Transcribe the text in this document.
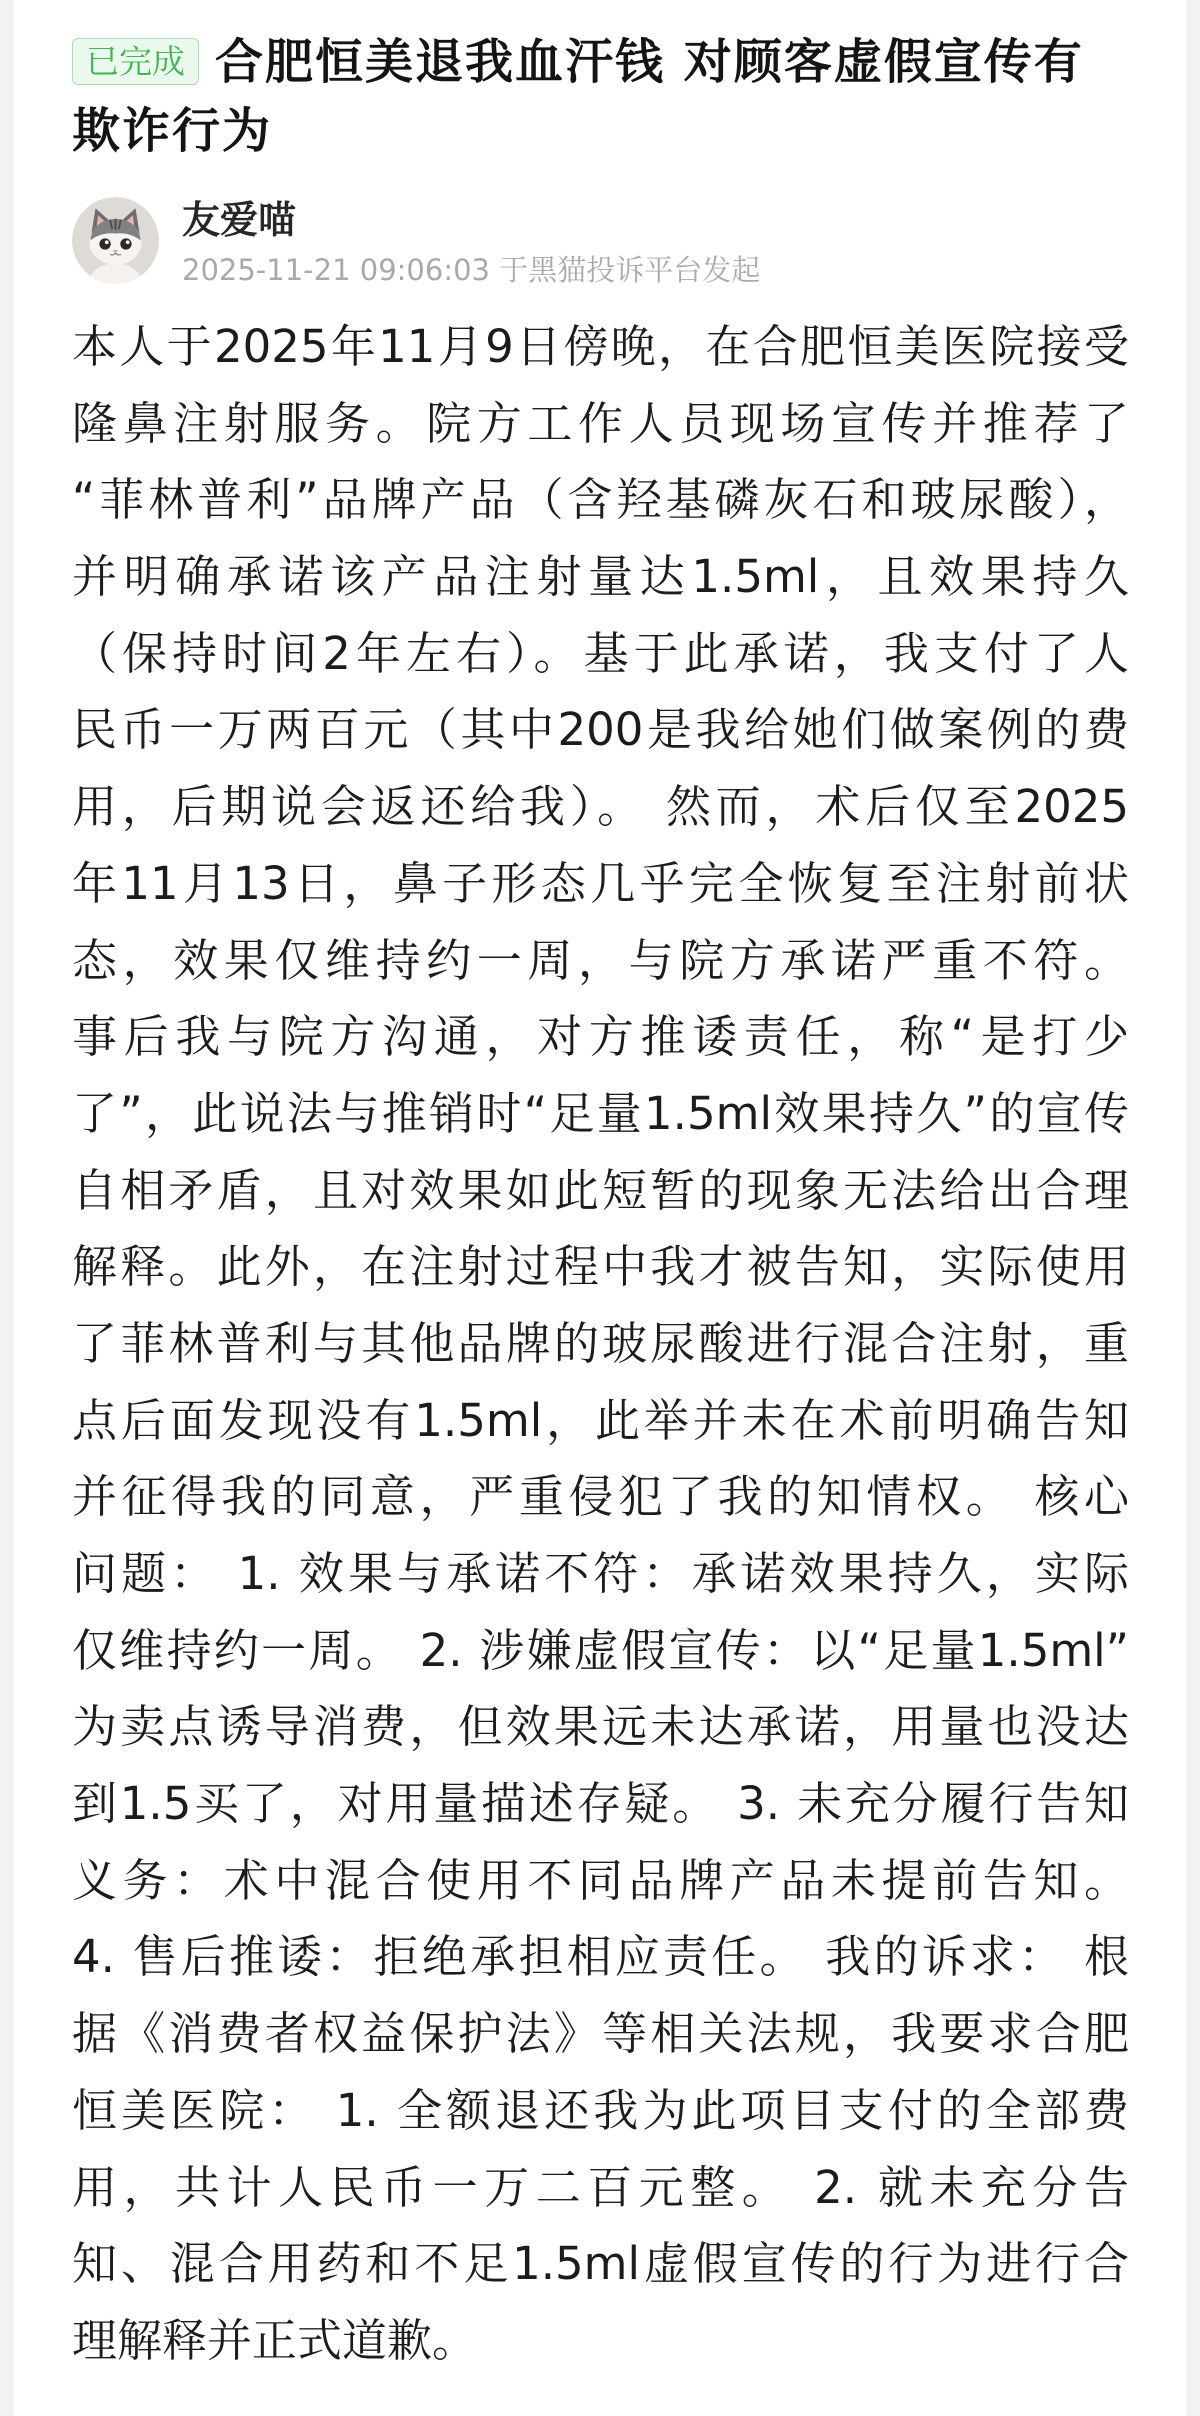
已完成 合肥恒美退我血汗钱 对顾客虚假宣传有欺诈行为
友爱喵
2025-11-21 09:06:03 于黑猫投诉平台发起
本人于2025年11月9日傍晚，在合肥恒美医院接受
隆鼻注射服务。院方工作人员现场宣传并推荐了
“菲林普利”品牌产品（含羟基磷灰石和玻尿酸），
并明确承诺该产品注射量达1.5ml，且效果持久
（保持时间2年左右）。基于此承诺，我支付了人
民币一万两百元（其中200是我给她们做案例的费
用，后期说会返还给我）。 然而，术后仅至2025
年11月13日，鼻子形态几乎完全恢复至注射前状
态，效果仅维持约一周，与院方承诺严重不符。
事后我与院方沟通，对方推诿责任，称“是打少
了”，此说法与推销时“足量1.5ml效果持久”的宣传
自相矛盾，且对效果如此短暂的现象无法给出合理
解释。此外，在注射过程中我才被告知，实际使用
了菲林普利与其他品牌的玻尿酸进行混合注射，重
点后面发现没有1.5ml，此举并未在术前明确告知
并征得我的同意，严重侵犯了我的知情权。 核心
问题： 1. 效果与承诺不符：承诺效果持久，实际
仅维持约一周。 2. 涉嫌虚假宣传：以“足量1.5ml”
为卖点诱导消费，但效果远未达承诺，用量也没达
到1.5买了，对用量描述存疑。 3. 未充分履行告知
义务：术中混合使用不同品牌产品未提前告知。
4. 售后推诿：拒绝承担相应责任。 我的诉求： 根
据《消费者权益保护法》等相关法规，我要求合肥
恒美医院： 1. 全额退还我为此项目支付的全部费
用，共计人民币一万二百元整。 2. 就未充分告
知、混合用药和不足1.5ml虚假宣传的行为进行合
理解释并正式道歉。
